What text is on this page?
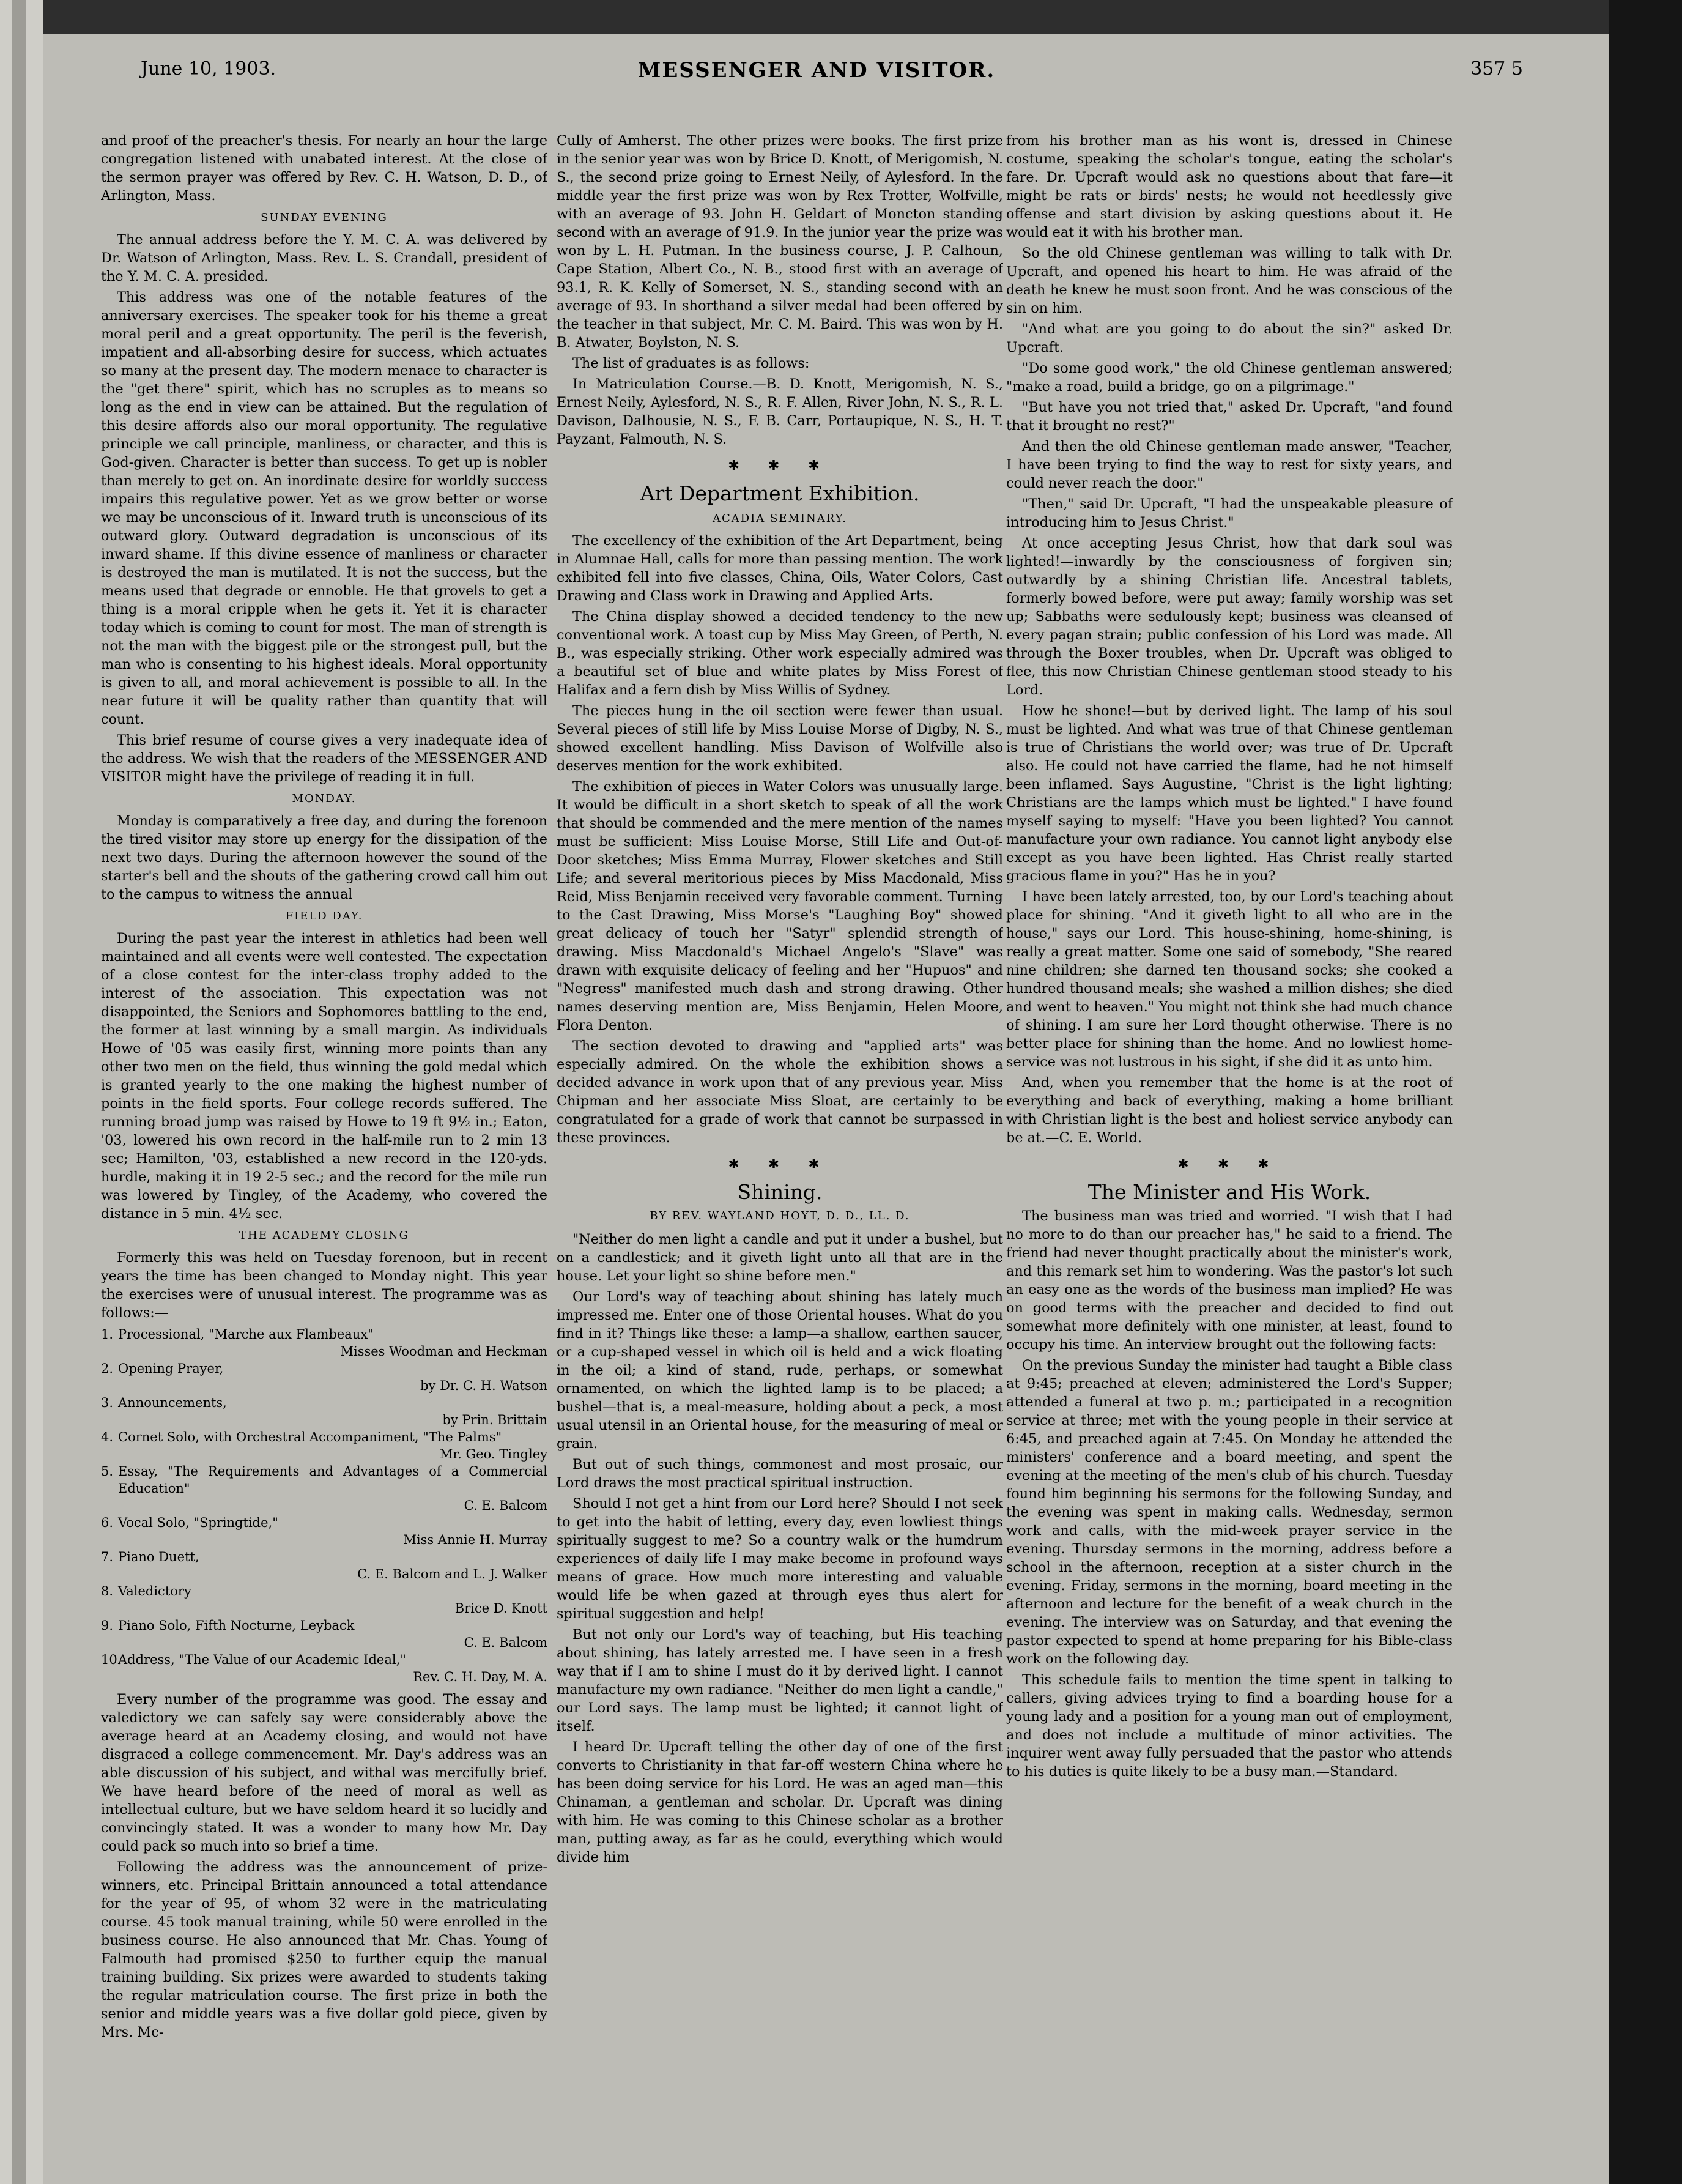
June 10, 1903.	MESSENGER AND VISITOR.	357 5

and proof of the preacher's thesis. For nearly an hour the large congregation listened with unabated interest. At the close of the sermon prayer was offered by Rev. C. H. Watson, D. D., of Arlington, Mass.

SUNDAY EVENING

The annual address before the Y. M. C. A. was delivered by Dr. Watson of Arlington, Mass. Rev. L. S. Crandall, president of the Y. M. C. A. presided.

This address was one of the notable features of the anniversary exercises. The speaker took for his theme a great moral peril and a great opportunity. The peril is the feverish, impatient and all-absorbing desire for success, which actuates so many at the present day. The modern menace to character is the "get there" spirit, which has no scruples as to means so long as the end in view can be attained. But the regulation of this desire affords also our moral opportunity. The regulative principle we call principle, manliness, or character, and this is God-given. Character is better than success. To get up is nobler than merely to get on. An inordinate desire for worldly success impairs this regulative power. Yet as we grow better or worse we may be unconscious of it. Inward truth is unconscious of its outward glory. Outward degradation is unconscious of its inward shame. If this divine essence of manliness or character is destroyed the man is mutilated. It is not the success, but the means used that degrade or ennoble. He that grovels to get a thing is a moral cripple when he gets it. Yet it is character today which is coming to count for most. The man of strength is not the man with the biggest pile or the strongest pull, but the man who is consenting to his highest ideals. Moral opportunity is given to all, and moral achievement is possible to all. In the near future it will be quality rather than quantity that will count.

This brief resume of course gives a very inadequate idea of the address. We wish that the readers of the MESSENGER AND VISITOR might have the privilege of reading it in full.

MONDAY.

Monday is comparatively a free day, and during the forenoon the tired visitor may store up energy for the dissipation of the next two days. During the afternoon however the sound of the starter's bell and the shouts of the gathering crowd call him out to the campus to witness the annual

FIELD DAY.

During the past year the interest in athletics had been well maintained and all events were well contested. The expectation of a close contest for the inter-class trophy added to the interest of the association. This expectation was not disappointed, the Seniors and Sophomores battling to the end, the former at last winning by a small margin. As individuals Howe of '05 was easily first, winning more points than any other two men on the field, thus winning the gold medal which is granted yearly to the one making the highest number of points in the field sports. Four college records suffered. The running broad jump was raised by Howe to 19 ft 9½ in.; Eaton, '03, lowered his own record in the half-mile run to 2 min 13 sec; Hamilton, '03, established a new record in the 120-yds. hurdle, making it in 19 2-5 sec.; and the record for the mile run was lowered by Tingley, of the Academy, who covered the distance in 5 min. 4½ sec.

THE ACADEMY CLOSING

Formerly this was held on Tuesday forenoon, but in recent years the time has been changed to Monday night. This year the exercises were of unusual interest. The programme was as follows:—

1. Processional, "Marche aux Flambeaux"
Misses Woodman and Heckman
2. Opening Prayer,
by Dr. C. H. Watson
3. Announcements,
by Prin. Brittain
4. Cornet Solo, with Orchestral Accompaniment, "The Palms"
Mr. Geo. Tingley
5. Essay, "The Requirements and Advantages of a Commercial Education"
C. E. Balcom
6. Vocal Solo, "Springtide,"
Miss Annie H. Murray
7. Piano Duett,
C. E. Balcom and L. J. Walker
8. Valedictory
Brice D. Knott
9. Piano Solo, Fifth Nocturne, Leyback
C. E. Balcom
10.
Address, "The Value of our Academic Ideal,"
Rev. C. H. Day, M. A.

Every number of the programme was good. The essay and valedictory we can safely say were considerably above the average heard at an Academy closing, and would not have disgraced a college commencement. Mr. Day's address was an able discussion of his subject, and withal was mercifully brief. We have heard before of the need of moral as well as intellectual culture, but we have seldom heard it so lucidly and convincingly stated. It was a wonder to many how Mr. Day could pack so much into so brief a time.

Following the address was the announcement of prize-winners, etc. Principal Brittain announced a total attendance for the year of 95, of whom 32 were in the matriculating course. 45 took manual training, while 50 were enrolled in the business course. He also announced that Mr. Chas. Young of Falmouth had promised $250 to further equip the manual training building. Six prizes were awarded to students taking the regular matriculation course. The first prize in both the senior and middle years was a five dollar gold piece, given by Mrs. Mc-

Cully of Amherst. The other prizes were books. The first prize in the senior year was won by Brice D. Knott, of Merigomish, N. S., the second prize going to Ernest Neily, of Aylesford. In the middle year the first prize was won by Rex Trotter, Wolfville, with an average of 93. John H. Geldart of Moncton standing second with an average of 91.9. In the junior year the prize was won by L. H. Putman. In the business course, J. P. Calhoun, Cape Station, Albert Co., N. B., stood first with an average of 93.1, R. K. Kelly of Somerset, N. S., standing second with an average of 93. In shorthand a silver medal had been offered by the teacher in that subject, Mr. C. M. Baird. This was won by H. B. Atwater, Boylston, N. S.

The list of graduates is as follows:

In Matriculation Course.—B. D. Knott, Merigomish, N. S., Ernest Neily, Aylesford, N. S., R. F. Allen, River John, N. S., R. L. Davison, Dalhousie, N. S., F. B. Carr, Portaupique, N. S., H. T. Payzant, Falmouth, N. S.

✱ ✱ ✱
Art Department Exhibition.
ACADIA SEMINARY.

The excellency of the exhibition of the Art Department, being in Alumnae Hall, calls for more than passing mention. The work exhibited fell into five classes, China, Oils, Water Colors, Cast Drawing and Class work in Drawing and Applied Arts.

The China display showed a decided tendency to the new conventional work. A toast cup by Miss May Green, of Perth, N. B., was especially striking. Other work especially admired was a beautiful set of blue and white plates by Miss Forest of Halifax and a fern dish by Miss Willis of Sydney.

The pieces hung in the oil section were fewer than usual. Several pieces of still life by Miss Louise Morse of Digby, N. S., showed excellent handling. Miss Davison of Wolfville also deserves mention for the work exhibited.

The exhibition of pieces in Water Colors was unusually large. It would be difficult in a short sketch to speak of all the work that should be commended and the mere mention of the names must be sufficient: Miss Louise Morse, Still Life and Out-of-Door sketches; Miss Emma Murray, Flower sketches and Still Life; and several meritorious pieces by Miss Macdonald, Miss Reid, Miss Benjamin received very favorable comment. Turning to the Cast Drawing, Miss Morse's "Laughing Boy" showed great delicacy of touch her "Satyr" splendid strength of drawing. Miss Macdonald's Michael Angelo's "Slave" was drawn with exquisite delicacy of feeling and her "Hupuos" and "Negress" manifested much dash and strong drawing. Other names deserving mention are, Miss Benjamin, Helen Moore, Flora Denton.

The section devoted to drawing and "applied arts" was especially admired. On the whole the exhibition shows a decided advance in work upon that of any previous year. Miss Chipman and her associate Miss Sloat, are certainly to be congratulated for a grade of work that cannot be surpassed in these provinces.

✱ ✱ ✱
Shining.
BY REV. WAYLAND HOYT, D. D., LL. D.

"Neither do men light a candle and put it under a bushel, but on a candlestick; and it giveth light unto all that are in the house. Let your light so shine before men."

Our Lord's way of teaching about shining has lately much impressed me. Enter one of those Oriental houses. What do you find in it? Things like these: a lamp—a shallow, earthen saucer, or a cup-shaped vessel in which oil is held and a wick floating in the oil; a kind of stand, rude, perhaps, or somewhat ornamented, on which the lighted lamp is to be placed; a bushel—that is, a meal-measure, holding about a peck, a most usual utensil in an Oriental house, for the measuring of meal or grain.

But out of such things, commonest and most prosaic, our Lord draws the most practical spiritual instruction.

Should I not get a hint from our Lord here? Should I not seek to get into the habit of letting, every day, even lowliest things spiritually suggest to me? So a country walk or the humdrum experiences of daily life I may make become in profound ways means of grace. How much more interesting and valuable would life be when gazed at through eyes thus alert for spiritual suggestion and help!

But not only our Lord's way of teaching, but His teaching about shining, has lately arrested me. I have seen in a fresh way that if I am to shine I must do it by derived light. I cannot manufacture my own radiance. "Neither do men light a candle," our Lord says. The lamp must be lighted; it cannot light of itself.

I heard Dr. Upcraft telling the other day of one of the first converts to Christianity in that far-off western China where he has been doing service for his Lord. He was an aged man—this Chinaman, a gentleman and scholar. Dr. Upcraft was dining with him. He was coming to this Chinese scholar as a brother man, putting away, as far as he could, everything which would divide him

from his brother man as his wont is, dressed in Chinese costume, speaking the scholar's tongue, eating the scholar's fare. Dr. Upcraft would ask no questions about that fare—it might be rats or birds' nests; he would not heedlessly give offense and start division by asking questions about it. He would eat it with his brother man.

So the old Chinese gentleman was willing to talk with Dr. Upcraft, and opened his heart to him. He was afraid of the death he knew he must soon front. And he was conscious of the sin on him.

"And what are you going to do about the sin?" asked Dr. Upcraft.

"Do some good work," the old Chinese gentleman answered; "make a road, build a bridge, go on a pilgrimage."

"But have you not tried that," asked Dr. Upcraft, "and found that it brought no rest?"

And then the old Chinese gentleman made answer, "Teacher, I have been trying to find the way to rest for sixty years, and could never reach the door."

"Then," said Dr. Upcraft, "I had the unspeakable pleasure of introducing him to Jesus Christ."

At once accepting Jesus Christ, how that dark soul was lighted!—inwardly by the consciousness of forgiven sin; outwardly by a shining Christian life. Ancestral tablets, formerly bowed before, were put away; family worship was set up; Sabbaths were sedulously kept; business was cleansed of every pagan strain; public confession of his Lord was made. All through the Boxer troubles, when Dr. Upcraft was obliged to flee, this now Christian Chinese gentleman stood steady to his Lord.

How he shone!—but by derived light. The lamp of his soul must be lighted. And what was true of that Chinese gentleman is true of Christians the world over; was true of Dr. Upcraft also. He could not have carried the flame, had he not himself been inflamed. Says Augustine, "Christ is the light lighting; Christians are the lamps which must be lighted." I have found myself saying to myself: "Have you been lighted? You cannot manufacture your own radiance. You cannot light anybody else except as you have been lighted. Has Christ really started gracious flame in you?" Has he in you?

I have been lately arrested, too, by our Lord's teaching about place for shining. "And it giveth light to all who are in the house," says our Lord. This house-shining, home-shining, is really a great matter. Some one said of somebody, "She reared nine children; she darned ten thousand socks; she cooked a hundred thousand meals; she washed a million dishes; she died and went to heaven." You might not think she had much chance of shining. I am sure her Lord thought otherwise. There is no better place for shining than the home. And no lowliest home-service was not lustrous in his sight, if she did it as unto him.

And, when you remember that the home is at the root of everything and back of everything, making a home brilliant with Christian light is the best and holiest service anybody can be at.—C. E. World.

✱ ✱ ✱
The Minister and His Work.

The business man was tried and worried. "I wish that I had no more to do than our preacher has," he said to a friend. The friend had never thought practically about the minister's work, and this remark set him to wondering. Was the pastor's lot such an easy one as the words of the business man implied? He was on good terms with the preacher and decided to find out somewhat more definitely with one minister, at least, found to occupy his time. An interview brought out the following facts:

On the previous Sunday the minister had taught a Bible class at 9:45; preached at eleven; administered the Lord's Supper; attended a funeral at two p. m.; participated in a recognition service at three; met with the young people in their service at 6:45, and preached again at 7:45. On Monday he attended the ministers' conference and a board meeting, and spent the evening at the meeting of the men's club of his church. Tuesday found him beginning his sermons for the following Sunday, and the evening was spent in making calls. Wednesday, sermon work and calls, with the mid-week prayer service in the evening. Thursday sermons in the morning, address before a school in the afternoon, reception at a sister church in the evening. Friday, sermons in the morning, board meeting in the afternoon and lecture for the benefit of a weak church in the evening. The interview was on Saturday, and that evening the pastor expected to spend at home preparing for his Bible-class work on the following day.

This schedule fails to mention the time spent in talking to callers, giving advices trying to find a boarding house for a young lady and a position for a young man out of employment, and does not include a multitude of minor activities. The inquirer went away fully persuaded that the pastor who attends to his duties is quite likely to be a busy man.—Standard.
